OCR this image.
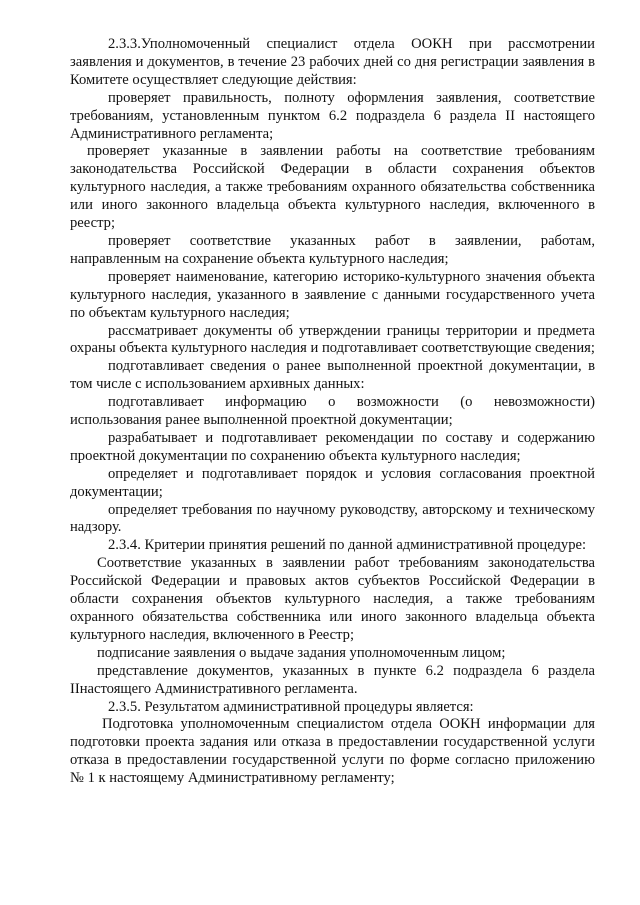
2.3.3.Уполномоченный специалист отдела ООКН при рассмотрении заявления и документов, в течение 23 рабочих дней со дня регистрации заявления в Комитете осуществляет следующие действия:

проверяет правильность, полноту оформления заявления, соответствие требованиям, установленным пунктом 6.2 подраздела 6 раздела II настоящего Административного регламента;

проверяет указанные в заявлении работы на соответствие требованиям законодательства Российской Федерации в области сохранения объектов культурного наследия, а также требованиям охранного обязательства собственника или иного законного владельца объекта культурного наследия, включенного в реестр;

проверяет соответствие указанных работ в заявлении, работам, направленным на сохранение объекта культурного наследия;

проверяет наименование, категорию историко-культурного значения объекта культурного наследия, указанного в заявление с данными государственного учета по объектам культурного наследия;

рассматривает документы об утверждении границы территории и предмета охраны объекта культурного наследия и подготавливает соответствующие сведения;

подготавливает сведения о ранее выполненной проектной документации, в том числе с использованием архивных данных:

подготавливает информацию о возможности (о невозможности) использования ранее выполненной проектной документации;

разрабатывает и подготавливает рекомендации по составу и содержанию проектной документации по сохранению объекта культурного наследия;

определяет и подготавливает порядок и условия согласования проектной документации;

определяет требования по научному руководству, авторскому и техническому надзору.

2.3.4. Критерии принятия решений по данной административной процедуре:

Соответствие указанных в заявлении работ требованиям законодательства Российской Федерации и правовых актов субъектов Российской Федерации в области сохранения объектов культурного наследия, а также требованиям охранного обязательства собственника или иного законного владельца объекта культурного наследия, включенного в Реестр;

подписание заявления о выдаче задания уполномоченным лицом;

представление документов, указанных в пункте 6.2 подраздела 6 раздела IIнастоящего Административного регламента.

2.3.5. Результатом административной процедуры является:

Подготовка уполномоченным специалистом отдела ООКН информации для подготовки проекта задания или отказа в предоставлении государственной услуги отказа в предоставлении государственной услуги по форме согласно приложению № 1 к настоящему Административному регламенту;
